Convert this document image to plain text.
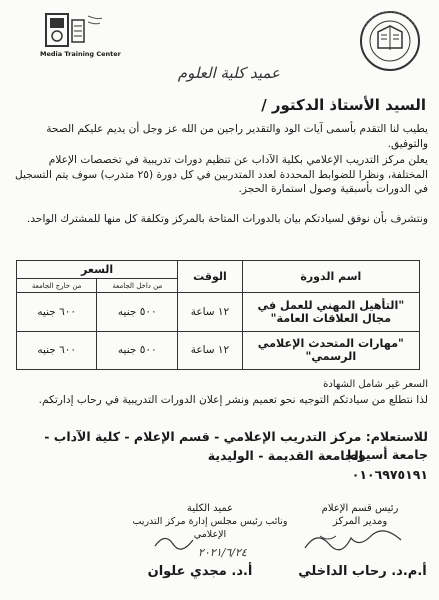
Media Training Center
عميد كلية العلوم
السيد الأستاذ الدكتور /
يطيب لنا التقدم بأسمى آيات الود والتقدير راجين من الله عز وجل أن يديم عليكم الصحة والتوفيق.
يعلن مركز التدريب الإعلامي بكلية الآداب عن تنظيم دورات تدريبية في تخصصات الإعلام المختلفة، ونظرا للضوابط المحددة لعدد المتدربين في كل دورة (٢٥ متدرب) سوف يتم التسجيل في الدورات بأسبقية وصول استمارة الحجز.
ونتشرف بأن نوفق لسيادتكم بيان بالدورات المتاحة بالمركز وتكلفة كل منها للمشترك الواحد.
اسم الدورة	الوقت	السعر	
		من داخل الجامعة	من خارج الجامعة
"التأهيل المهني للعمل في مجال العلاقات العامة"	١٢ ساعة	٥٠٠ جنيه	٦٠٠ جنيه
"مهارات المتحدث الإعلامي الرسمي"	١٢ ساعة	٥٠٠ جنيه	٦٠٠ جنيه
السعر غير شامل الشهادة
لذا نتطلع من سيادتكم التوجيه نحو تعميم ونشر إعلان الدورات التدريبية في رحاب إدارتكم.
للاستعلام: مركز التدريب الإعلامي - قسم الإعلام - كلية الآداب - جامعة أسيوط
الجامعة القديمة - الوليدية
٠١٠٦٩٧٥١٩١
رئيس قسم الإعلام
ومدير المركز
أ.م.د. رحاب الداخلي
عميد الكلية
ونائب رئيس مجلس إدارة مركز التدريب الإعلامي
٢٠٢١/٦/٢٤
أ.د. مجدي علوان
